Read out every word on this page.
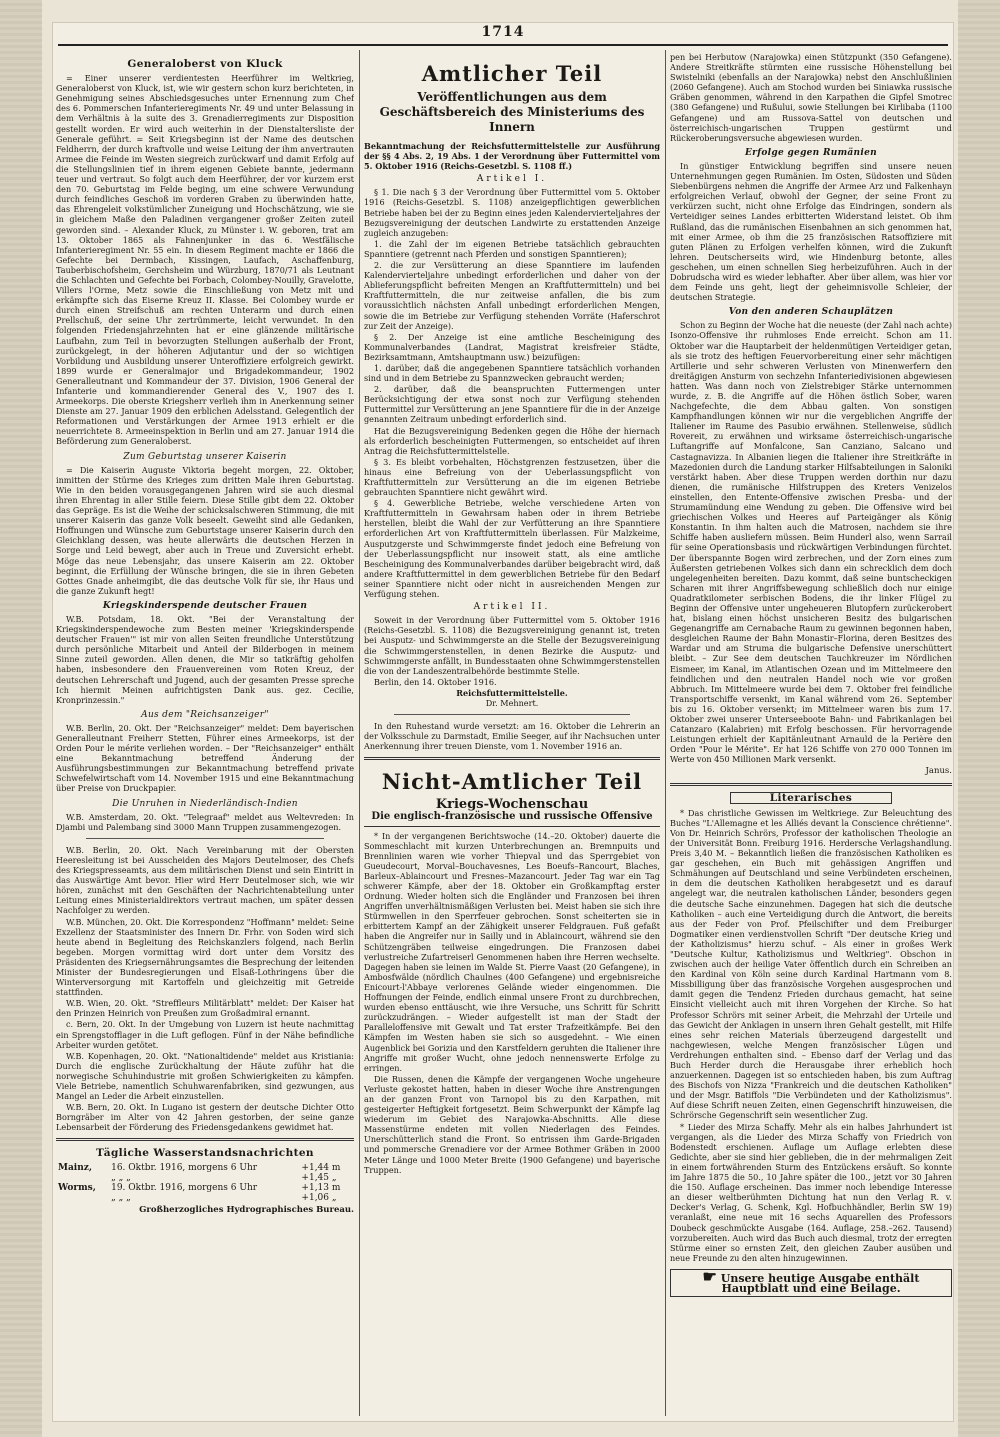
1714
Generaloberst von Kluck

= Einer unserer verdientesten Heerführer im Weltkrieg, Generaloberst von Kluck, ist, wie wir gestern schon kurz berichteten, in Genehmigung seines Abschiedsgesuches unter Ernennung zum Chef des 6. Pommerschen Infanterieregiments Nr. 49 und unter Belassung in dem Verhältnis à la suite des 3. Grenadierregiments zur Disposition gestellt worden. Er wird auch weiterhin in der Dienstaltersliste der Generale geführt. = Seit Kriegsbeginn ist der Name des deutschen Feldherrn, der durch kraftvolle und weise Leitung der ihm anvertrauten Armee die Feinde im Westen siegreich zurückwarf und damit Erfolg auf die Stellungslinien tief in ihrem eigenen Gebiete bannte, jedermann teuer und vertraut. So folgt auch dem Heerführer, der vor kurzem erst den 70. Geburtstag im Felde beging, um eine schwere Verwundung durch feindliches Geschoß im vorderen Graben zu überwinden hatte, das Ehrengeleit volkstümlicher Zuneigung und Hochschätzung, wie sie in gleichem Maße den Paladinen vergangener großer Zeiten zuteil geworden sind. – Alexander Kluck, zu Münster i. W. geboren, trat am 13. Oktober 1865 als Fahnenjunker in das 6. Westfälische Infanterieregiment Nr. 55 ein. In diesem Regiment machte er 1866 die Gefechte bei Dermbach, Kissingen, Laufach, Aschaffenburg, Tauberbischofsheim, Gerchsheim und Würzburg, 1870/71 als Leutnant die Schlachten und Gefechte bei Forbach, Colombey-Nouilly, Gravelotte, Villers l'Orme, Metz sowie die Einschließung von Metz mit und erkämpfte sich das Eiserne Kreuz II. Klasse. Bei Colombey wurde er durch einen Streifschuß am rechten Unterarm und durch einen Prellschuß, der seine Uhr zertrümmerte, leicht verwundet. In den folgenden Friedensjahrzehnten hat er eine glänzende militärische Laufbahn, zum Teil in bevorzugten Stellungen außerhalb der Front, zurückgelegt, in der höheren Adjutantur und der so wichtigen Vorbildung und Ausbildung unserer Unteroffiziere erfolgreich gewirkt. 1899 wurde er Generalmajor und Brigadekommandeur, 1902 Generalleutnant und Kommandeur der 37. Division, 1906 General der Infanterie und kommandierender General des V., 1907 des I. Armeekorps. Die oberste Kriegsherr verlieh ihm in Anerkennung seiner Dienste am 27. Januar 1909 den erblichen Adelsstand. Gelegentlich der Reformationen und Verstärkungen der Armee 1913 erhielt er die neuerrichtete 8. Armeeinspektion in Berlin und am 27. Januar 1914 die Beförderung zum Generaloberst.

Zum Geburtstag unserer Kaiserin

= Die Kaiserin Auguste Viktoria begeht morgen, 22. Oktober, inmitten der Stürme des Krieges zum dritten Male ihren Geburtstag. Wie in den beiden vorausgegangenen Jahren wird sie auch diesmal ihren Ehrentag in aller Stille feiern. Diese Stille gibt dem 22. Oktober das Gepräge. Es ist die Weihe der schicksalschweren Stimmung, die mit unserer Kaiserin das ganze Volk beseelt. Geweiht sind alle Gedanken, Hoffnungen und Wünsche zum Geburtstage unserer Kaiserin durch den Gleichklang dessen, was heute allerwärts die deutschen Herzen in Sorge und Leid bewegt, aber auch in Treue und Zuversicht erhebt. Möge das neue Lebensjahr, das unsere Kaiserin am 22. Oktober beginnt, die Erfüllung der Wünsche bringen, die sie in ihren Gebeten Gottes Gnade anheimgibt, die das deutsche Volk für sie, ihr Haus und die ganze Zukunft hegt!

Kriegskinderspende deutscher Frauen

W.B. Potsdam, 18. Okt. "Bei der Veranstaltung der Kriegskinderspendewoche zum Besten meiner 'Kriegskinderspende deutscher Frauen'" ist mir von allen Seiten freundliche Unterstützung durch persönliche Mitarbeit und Anteil der Bilderbogen in meinem Sinne zuteil geworden. Allen denen, die Mir so tatkräftig geholfen haben, insbesondere den Frauenvereinen vom Roten Kreuz, der deutschen Lehrerschaft und Jugend, auch der gesamten Presse spreche Ich hiermit Meinen aufrichtigsten Dank aus. gez. Cecilie, Kronprinzessin."

Aus dem "Reichsanzeiger"

W.B. Berlin, 20. Okt. Der "Reichsanzeiger" meldet: Dem bayerischen Generalleutnant Freiherr Stetten, Führer eines Armeekorps, ist der Orden Pour le mérite verliehen worden. – Der "Reichsanzeiger" enthält eine Bekanntmachung betreffend Änderung der Ausführungsbestimmungen zur Bekanntmachung betreffend private Schwefelwirtschaft vom 14. November 1915 und eine Bekanntmachung über Preise von Druckpapier.

Die Unruhen in Niederländisch-Indien

W.B. Amsterdam, 20. Okt. "Telegraaf" meldet aus Weltevreden: In Djambi und Palembang sind 3000 Mann Truppen zusammengezogen.

W.B. Berlin, 20. Okt. Nach Vereinbarung mit der Obersten Heeresleitung ist bei Ausscheiden des Majors Deutelmoser, des Chefs des Kriegspresseamts, aus dem militärischen Dienst und sein Eintritt in das Auswärtige Amt bevor. Hier wird Herr Deutelmoser sich, wie wir hören, zunächst mit den Geschäften der Nachrichtenabteilung unter Leitung eines Ministerialdirektors vertraut machen, um später dessen Nachfolger zu werden.

W.B. München, 20. Okt. Die Korrespondenz "Hoffmann" meldet: Seine Exzellenz der Staatsminister des Innern Dr. Frhr. von Soden wird sich heute abend in Begleitung des Reichskanzlers folgend, nach Berlin begeben. Morgen vormittag wird dort unter dem Vorsitz des Präsidenten des Kriegsernährungsamtes die Besprechung der leitenden Minister der Bundesregierungen und Elsaß-Lothringens über die Winterversorgung mit Kartoffeln und gleichzeitig mit Getreide stattfinden.

W.B. Wien, 20. Okt. "Streffleurs Militärblatt" meldet: Der Kaiser hat den Prinzen Heinrich von Preußen zum Großadmiral ernannt.

c. Bern, 20. Okt. In der Umgebung von Luzern ist heute nachmittag ein Sprengstofflager in die Luft geflogen. Fünf in der Nähe befindliche Arbeiter wurden getötet.

W.B. Kopenhagen, 20. Okt. "Nationaltidende" meldet aus Kristiania: Durch die englische Zurückhaltung der Häute zuführ hat die norwegische Schuhindustrie mit großen Schwierigkeiten zu kämpfen. Viele Betriebe, namentlich Schuhwarenfabriken, sind gezwungen, aus Mangel an Leder die Arbeit einzustellen.

W.B. Bern, 20. Okt. In Lugano ist gestern der deutsche Dichter Otto Borngräber im Alter von 42 Jahren gestorben, der seine ganze Lebensarbeit der Förderung des Friedensgedankens gewidmet hat.

Tägliche Wasserstandsnachrichten
Mainz,	16. Oktbr. 1916, morgens 6 Uhr	+1,44 m
	„ „ „	+1,45 „
Worms,	19. Oktbr. 1916, morgens 6 Uhr	+1,13 m
	„ „ „	+1,06 „
Großherzogliches Hydrographisches Bureau.
Amtlicher Teil
Veröffentlichungen aus dem Geschäftsbereich des Ministeriums des Innern

Bekanntmachung der Reichsfuttermittelstelle zur Ausführung der §§ 4 Abs. 2, 19 Abs. 1 der Verordnung über Futtermittel vom 5. Oktober 1916 (Reichs-Gesetzbl. S. 1108 ff.)

Artikel I.

§ 1. Die nach § 3 der Verordnung über Futtermittel vom 5. Oktober 1916 (Reichs-Gesetzbl. S. 1108) anzeigepflichtigen gewerblichen Betriebe haben bei der zu Beginn eines jeden Kalendervierteljahres der Bezugsvereinigung der deutschen Landwirte zu erstattenden Anzeige zugleich anzugeben:

1. die Zahl der im eigenen Betriebe tatsächlich gebrauchten Spanntiere (getrennt nach Pferden und sonstigen Spanntieren);

2. die zur Versütterung an diese Spanntiere im laufenden Kalendervierteljahre unbedingt erforderlichen und daher von der Ablieferungspflicht befreiten Mengen an Kraftfuttermitteln) und bei Kraftfuttermitteln, die nur zeitweise anfallen, die bis zum voraussichtlich nächsten Anfall unbedingt erforderlichen Mengen, sowie die im Betriebe zur Verfügung stehenden Vorräte (Haferschrot zur Zeit der Anzeige).

§ 2. Der Anzeige ist eine amtliche Bescheinigung des Kommunalverbandes (Landrat, Magistrat kreisfreier Städte, Bezirksamtmann, Amtshauptmann usw.) beizufügen:

1. darüber, daß die angegebenen Spanntiere tatsächlich vorhanden sind und in dem Betriebe zu Spannzwecken gebraucht werden;

2. darüber, daß die beanspruchten Futtermengen unter Berücksichtigung der etwa sonst noch zur Verfügung stehenden Futtermittel zur Versütterung an jene Spanntiere für die in der Anzeige genannten Zeitraum unbedingt erforderlich sind.

Hat die Bezugsvereinigung Bedenken gegen die Höhe der hiernach als erforderlich bescheinigten Futtermengen, so entscheidet auf ihren Antrag die Reichsfuttermittelstelle.

§ 3. Es bleibt vorbehalten, Höchstgrenzen festzusetzen, über die hinaus eine Befreiung von der Ueberlassungspflicht von Kraftfuttermitteln zur Versütterung an die im eigenen Betriebe gebrauchten Spanntiere nicht gewährt wird.

§ 4. Gewerbliche Betriebe, welche verschiedene Arten von Kraftfuttermitteln in Gewahrsam haben oder in ihrem Betriebe herstellen, bleibt die Wahl der zur Verfütterung an ihre Spanntiere erforderlichen Art von Kraftfuttermitteln überlassen. Für Malzkeime, Ausputzgerste und Schwimmgerste findet jedoch eine Befreiung von der Ueberlassungspflicht nur insoweit statt, als eine amtliche Bescheinigung des Kommunalverbandes darüber beigebracht wird, daß andere Kraftfuttermittel in dem gewerblichen Betriebe für den Bedarf seiner Spanntiere nicht oder nicht in ausreichenden Mengen zur Verfügung stehen.

Artikel II.

Soweit in der Verordnung über Futtermittel vom 5. Oktober 1916 (Reichs-Gesetzbl. S. 1108) die Bezugsvereinigung genannt ist, treten bei Ausputz- und Schwimmgerste an die Stelle der Bezugsvereinigung die Schwimmgerstenstellen, in denen Bezirke die Ausputz- und Schwimmgerste anfällt, in Bundesstaaten ohne Schwimmgerstenstellen die von der Landeszentralbehörde bestimmte Stelle.

Berlin, den 14. Oktober 1916.

Reichsfuttermittelstelle.
Dr. Mehnert.

In den Ruhestand wurde versetzt: am 16. Oktober die Lehrerin an der Volksschule zu Darmstadt, Emilie Seeger, auf ihr Nachsuchen unter Anerkennung ihrer treuen Dienste, vom 1. November 1916 an.

Nicht-Amtlicher Teil
Kriegs-Wochenschau
Die englisch-französische und russische Offensive

* In der vergangenen Berichtswoche (14.–20. Oktober) dauerte die Sommeschlacht mit kurzen Unterbrechungen an. Bremnpuits und Brennlinien waren wie vorher Thiepval und das Sperrgebiet von Gueudecourt, Morval–Bouchavesnes, Les Boeufs–Rancourt, Blaches, Barleux–Ablaincourt und Fresnes–Mazancourt. Jeder Tag war ein Tag schwerer Kämpfe, aber der 18. Oktober ein Großkampftag erster Ordnung. Wieder holten sich die Engländer und Franzosen bei ihren Angriffen unverhältnismäßigen Verlusten bei. Meist haben sie sich ihre Stürmwellen in den Sperrfeuer gebrochen. Sonst scheiterten sie in erbittertem Kampf an der Zähigkeit unserer Feldgrauen. Fuß gefaßt haben die Angreifer nur in Sailly und in Ablaincourt, während sie den Schützengräben teilweise eingedrungen. Die Franzosen dabei verlustreiche Zufartreiserl Genommenen haben ihre Herren wechselte. Dagegen haben sie leinen im Walde St. Pierre Vaast (20 Gefangene), in Ambosfwälde (nördlich Chaulnes (400 Gefangene) und ergebnisreiche Enicourt-l'Abbaye verlorenes Gelände wieder eingenommen. Die Hoffnungen der Feinde, endlich einmal unsere Front zu durchbrechen, wurden ebenso enttäuscht, wie ihre Versuche, uns Schritt für Schritt zurückzudrängen. – Wieder aufgestellt ist man der Stadt der Paralleloffensive mit Gewalt und Tat erster Trafzeitkämpfe. Bei den Kämpfen im Westen haben sie sich so ausgedehnt. – Wie einen Augenblick bei Gorizia und den Karstfeldern geruhten die Italiener ihre Angriffe mit großer Wucht, ohne jedoch nennenswerte Erfolge zu erringen.

Die Russen, denen die Kämpfe der vergangenen Woche ungeheure Verluste gekostet hatten, haben in dieser Woche ihre Anstrengungen an der ganzen Front von Tarnopol bis zu den Karpathen, mit gesteigerter Heftigkeit fortgesetzt. Beim Schwerpunkt der Kämpfe lag wiederum im Gebiet des Narajowka-Abschnitts. Alle diese Massenstürme endeten mit vollen Niederlagen des Feindes. Unerschütterlich stand die Front. So entrissen ihm Garde-Brigaden und pommersche Grenadiere vor der Armee Bothmer Gräben in 2000 Meter Länge und 1000 Meter Breite (1900 Gefangene) und bayerische Truppen.

pen bei Herbutow (Narajowka) einen Stützpunkt (350 Gefangene). Andere Streitkräfte stürmten eine russische Höhenstellung bei Swistelniki (ebenfalls an der Narajowka) nebst den Anschlußlinien (2060 Gefangene). Auch am Stochod wurden bei Siniawka russische Gräben genommen, während in den Karpathen die Gipfel Smotrec (380 Gefangene) und Rußului, sowie Stellungen bei Kirlibaba (1100 Gefangene) und am Russova-Sattel von deutschen und österreichisch-ungarischen Truppen gestürmt und Rückeroberungsversuche abgewiesen wurden.

Erfolge gegen Rumänien

In günstiger Entwicklung begriffen sind unsere neuen Unternehmungen gegen Rumänien. Im Osten, Südosten und Süden Siebenbürgens nehmen die Angriffe der Armee Arz und Falkenhayn erfolgreichen Verlauf, obwohl der Gegner, der seine Front zu verkürzen sucht, nicht ohne Erfolge das Eindringen, sondern als Verteidiger seines Landes erbitterten Widerstand leistet. Ob ihm Rußland, das die rumänischen Eisenbahnen an sich genommen hat, mit einer Armee, ob ihm die 25 französischen Ratsoffiziere mit guten Plänen zu Erfolgen verhelfen können, wird die Zukunft lehren. Deutscherseits wird, wie Hindenburg betonte, alles geschehen, um einen schnellen Sieg herbeizuführen. Auch in der Dobrudscha wird es wieder lebhafter. Aber über allem, was hier vor dem Feinde uns geht, liegt der geheimnisvolle Schleier, der deutschen Strategie.

Von den anderen Schauplätzen

Schon zu Beginn der Woche hat die neueste (der Zahl nach achte) Isonzo-Offensive ihr ruhmloses Ende erreicht. Schon am 11. Oktober war die Hauptarbeit der heldenmütigen Verteidiger getan, als sie trotz des heftigen Feuervorbereitung einer sehr mächtigen Artillerie und sehr schweren Verlusten von Minenwerfern den dreitägigen Ansturm von sechzehn Infanteriedivisionen abgewiesen hatten. Was dann noch von Zielstrebiger Stärke unternommen wurde, z. B. die Angriffe auf die Höhen östlich Sober, waren Nachgefechte, die dem Abbau galten. Von sonstigen Kampfhandlungen können wir nur die vergeblichen Angriffe der Italiener im Raume des Pasubio erwähnen. Stellenweise, südlich Rovereit, zu erwähnen und wirksame österreichisch-ungarische Luftangriffe auf Monfalcone, San Canziano, Salcano und Castagnavizza. In Albanien liegen die Italiener ihre Streitkräfte in Mazedonien durch die Landung starker Hilfsabteilungen in Saloniki verstärkt haben. Aber diese Truppen werden dorthin nur dazu dienen, die rumänische Hilfstruppen des Kreters Venizelos einstellen, den Entente-Offensive zwischen Presba- und der Strumamündung eine Wendung zu geben. Die Offensive wird bei griechischen Volkes und Heeres auf Parteigänger als König Konstantin. In ihm halten auch die Matrosen, nachdem sie ihre Schiffe haben ausliefern müssen. Beim Hunderl also, wenn Sarrail für seine Operationsbasis und rückwärtigen Verbindungen fürchtet. Der überspannte Bogen wird zerbrechen, und der Zorn eines zum Äußersten getriebenen Volkes sich dann ein schrecklich dem doch ungelegenheiten bereiten. Dazu kommt, daß seine buntscheckigen Scharen mit ihrer Angriffsbewegung schließlich doch nur einige Quadratkilometer serbischen Bodens, die ihr linker Flügel zu Beginn der Offensive unter ungeheueren Blutopfern zurückerobert hat, bislang einen höchst unsicheren Besitz des bulgarischen Gegenangriffe am Cernabache Raum zu gewinnen begonnen haben, desgleichen Raume der Bahn Monastir–Florina, deren Besitzes des Wardar und am Struma die bulgarische Defensive unerschüttert bleibt. – Zur See dem deutschen Tauchkreuzer im Nördlichen Eismeer, im Kanal, im Atlantischen Ozean und im Mittelmeere den feindlichen und den neutralen Handel noch wie vor großen Abbruch. Im Mittelmeere wurde bei dem 7. Oktober frei feindliche Transportschiffe versenkt, im Kanal während vom 26. September bis zu 16. Oktober versenkt; im Mittelmeer waren bis zum 17. Oktober zwei unserer Unterseeboote Bahn- und Fabrikanlagen bei Catanzaro (Kalabrien) mit Erfolg beschossen. Für hervorragende Leistungen erhielt der Kapitänleutnant Arnauld de la Perière den Orden "Pour le Mérite". Er hat 126 Schiffe von 270 000 Tonnen im Werte von 450 Millionen Mark versenkt.

Janus.
Literarisches

* Das christliche Gewissen im Weltkriege. Zur Beleuchtung des Buches "L'Allemagne et les Alliés devant la Conscience chrétienne". Von Dr. Heinrich Schrörs, Professor der katholischen Theologie an der Universität Bonn. Freiburg 1916. Herdersche Verlagshandlung. Preis 3,40 M. – Bekanntlich ließen die französischen Katholiken es gar geschehen, ein Buch mit gehässigen Angriffen und Schmähungen auf Deutschland und seine Verbündeten erscheinen, in dem die deutschen Katholiken herabgesetzt und es darauf angelegt war, die neutralen katholischen Länder, besonders gegen die deutsche Sache einzunehmen. Dagegen hat sich die deutsche Katholiken – auch eine Verteidigung durch die Antwort, die bereits aus der Feder von Prof. Pfeilschifter und dem Freiburger Dogmatiker einen verdienstvollen Schrift "Der deutsche Krieg und der Katholizismus" hierzu schuf. – Als einer in großes Werk "Deutsche Kultur, Katholizismus und Weltkrieg". Obschon in zwischen auch der heilige Vater öffentlich durch ein Schreiben an den Kardinal von Köln seine durch Kardinal Hartmann vom 8. Missbilligung über das französische Vorgehen ausgesprochen und damit gegen die Tendenz Frieden durchaus gemacht, hat seine Einsicht vielleicht auch mit ihren Vorgehen der Kirche. So hat Professor Schrörs mit seiner Arbeit, die Mehrzahl der Urteile und das Gewicht der Anklagen in unsern ihren Gehalt gestellt, mit Hilfe eines sehr reichen Materials überzeugend dargestellt und nachgewiesen, welche Mengen französischer Lügen und Verdrehungen enthalten sind. – Ebenso darf der Verlag und das Buch Herder durch die Herausgabe ihrer erheblich hoch anzuerkennen. Dagegen ist so entschieden haben, bis zum Auftrag des Bischofs von Nizza "Frankreich und die deutschen Katholiken" und der Msgr. Batiffols "Die Verbündeten und der Katholizismus". Auf diese Schrift neuen Zeiten, einen Gegenschrift hinzuweisen, die Schrörsche Gegenschrift sein wesentlicher Zug.

* Lieder des Mirza Schaffy. Mehr als ein halbes Jahrhundert ist vergangen, als die Lieder des Mirza Schaffy von Friedrich von Bodenstedt erschienen. Auflage um Auflage erlebten diese Gedichte, aber sie sind hier geblieben, die in der mehrmaligen Zeit in einem fortwährenden Sturm des Entzückens ersäuft. So konnte im Jahre 1875 die 50., 10 Jahre später die 100., jetzt vor 30 Jahren die 150. Auflage erscheinen. Das immer noch lebendige Interesse an dieser weltberühmten Dichtung hat nun den Verlag R. v. Decker's Verlag, G. Schenk, Kgl. Hofbuchhändler, Berlin SW 19) veranlaßt, eine neue mit 16 sechs Aquarellen des Professors Doubeck geschmückte Ausgabe (164. Auflage, 258.–262. Tausend) vorzubereiten. Auch wird das Buch auch diesmal, trotz der erregten Stürme einer so ernsten Zeit, den gleichen Zauber ausüben und neue Freunde zu den alten hinzugewinnen.

☛ Unsere heutige Ausgabe enthält Hauptblatt und eine Beilage.
